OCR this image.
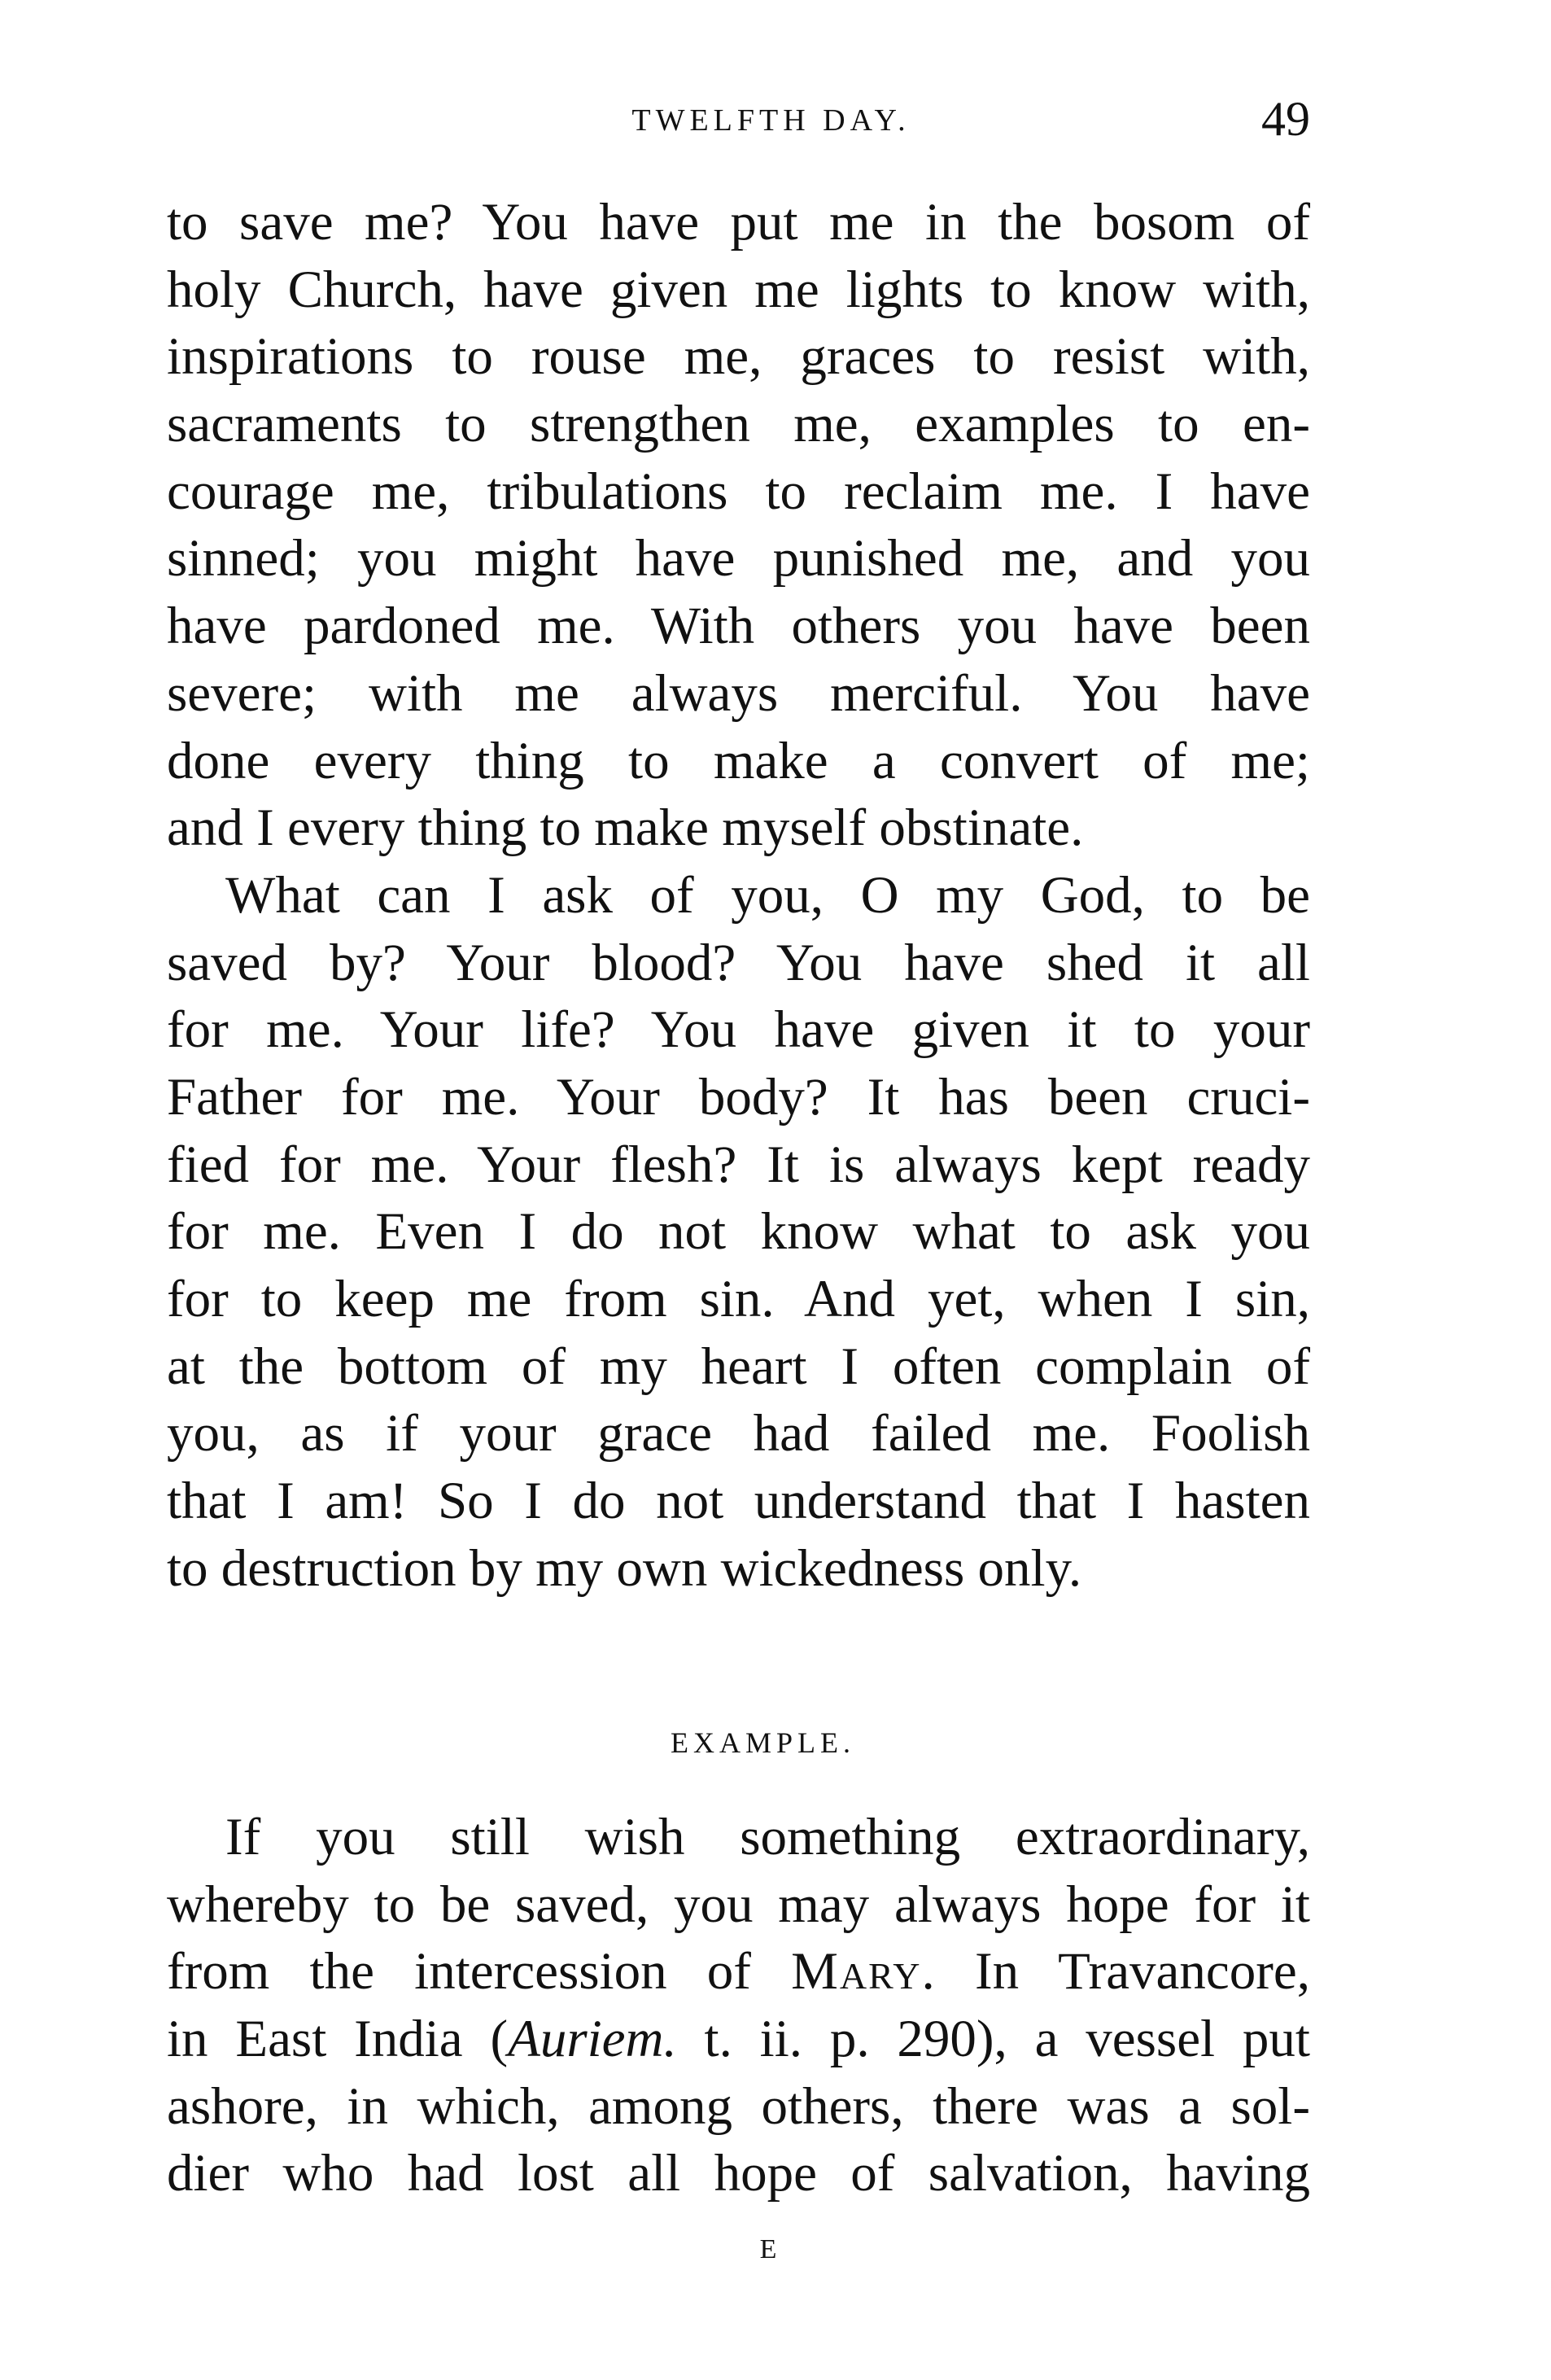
TWELFTH DAY.	49
to save me? You have put me in the bosom of
holy Church, have given me lights to know with,
inspirations to rouse me, graces to resist with,
sacraments to strengthen me, examples to en-
courage me, tribulations to reclaim me. I have
sinned; you might have punished me, and you
have pardoned me. With others you have been
severe; with me always merciful. You have
done every thing to make a convert of me;
and I every thing to make myself obstinate.
What can I ask of you, O my God, to be
saved by? Your blood? You have shed it all
for me. Your life? You have given it to your
Father for me. Your body? It has been cruci-
fied for me. Your flesh? It is always kept ready
for me. Even I do not know what to ask you
for to keep me from sin. And yet, when I sin,
at the bottom of my heart I often complain of
you, as if your grace had failed me. Foolish
that I am! So I do not understand that I hasten
to destruction by my own wickedness only.
EXAMPLE.
If you still wish something extraordinary,
whereby to be saved, you may always hope for it
from the intercession of Mary. In Travancore,
in East India (Auriem. t. ii. p. 290), a vessel put
ashore, in which, among others, there was a sol-
dier who had lost all hope of salvation, having
E
